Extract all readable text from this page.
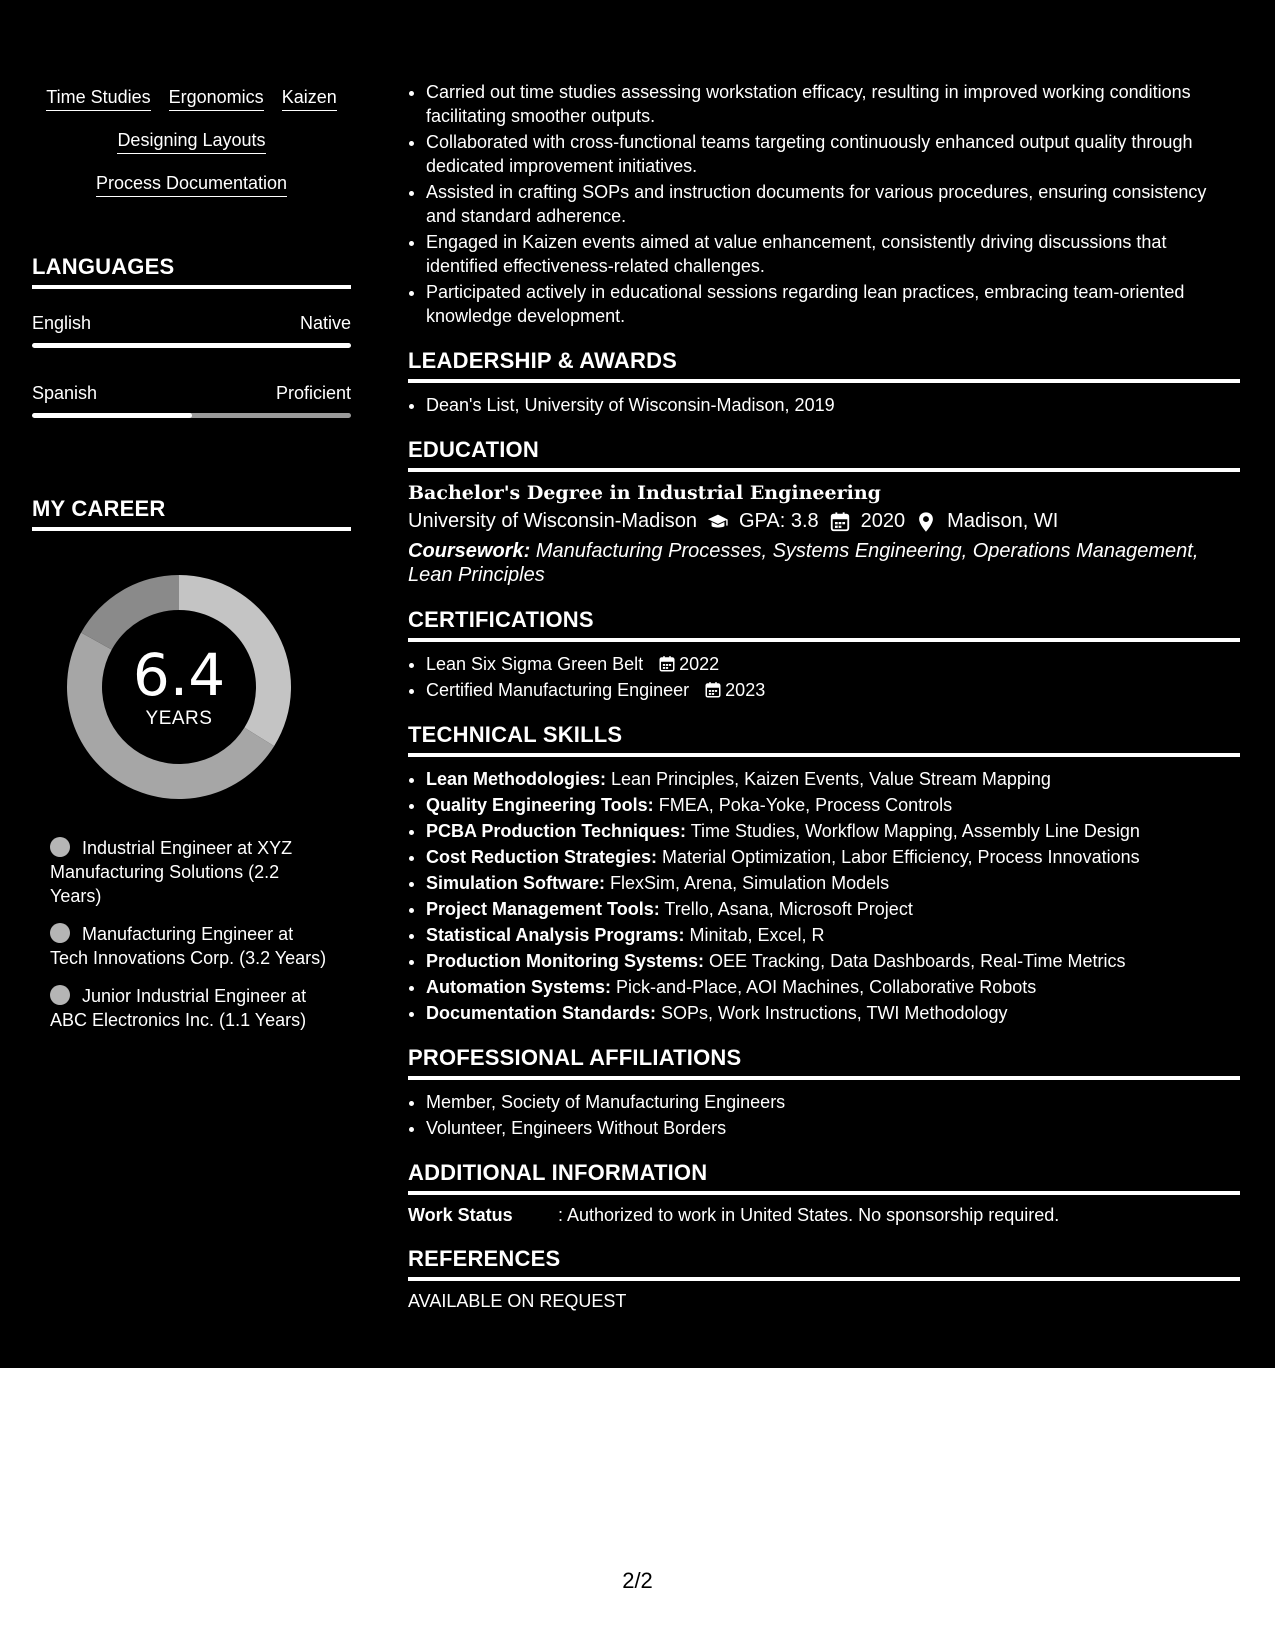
Time Studies Ergonomics Kaizen
Designing Layouts
Process Documentation
LANGUAGES
English	Native
Spanish	Proficient
MY CAREER
6.4
YEARS
Industrial Engineer at XYZ Manufacturing Solutions (2.2 Years)
Manufacturing Engineer at Tech Innovations Corp. (3.2 Years)
Junior Industrial Engineer at ABC Electronics Inc. (1.1 Years)
• Carried out time studies assessing workstation efficacy, resulting in improved working conditions facilitating smoother outputs.
• Collaborated with cross-functional teams targeting continuously enhanced output quality through dedicated improvement initiatives.
• Assisted in crafting SOPs and instruction documents for various procedures, ensuring consistency and standard adherence.
• Engaged in Kaizen events aimed at value enhancement, consistently driving discussions that identified effectiveness-related challenges.
• Participated actively in educational sessions regarding lean practices, embracing team-oriented knowledge development.
LEADERSHIP & AWARDS
• Dean's List, University of Wisconsin-Madison, 2019
EDUCATION
Bachelor's Degree in Industrial Engineering
University of Wisconsin-Madison GPA: 3.8 2020 Madison, WI
Coursework: Manufacturing Processes, Systems Engineering, Operations Management, Lean Principles
CERTIFICATIONS
• Lean Six Sigma Green Belt 2022
• Certified Manufacturing Engineer 2023
TECHNICAL SKILLS
• Lean Methodologies: Lean Principles, Kaizen Events, Value Stream Mapping
• Quality Engineering Tools: FMEA, Poka-Yoke, Process Controls
• PCBA Production Techniques: Time Studies, Workflow Mapping, Assembly Line Design
• Cost Reduction Strategies: Material Optimization, Labor Efficiency, Process Innovations
• Simulation Software: FlexSim, Arena, Simulation Models
• Project Management Tools: Trello, Asana, Microsoft Project
• Statistical Analysis Programs: Minitab, Excel, R
• Production Monitoring Systems: OEE Tracking, Data Dashboards, Real-Time Metrics
• Automation Systems: Pick-and-Place, AOI Machines, Collaborative Robots
• Documentation Standards: SOPs, Work Instructions, TWI Methodology
PROFESSIONAL AFFILIATIONS
• Member, Society of Manufacturing Engineers
• Volunteer, Engineers Without Borders
ADDITIONAL INFORMATION
Work Status	: Authorized to work in United States. No sponsorship required.
REFERENCES
AVAILABLE ON REQUEST
2/2
